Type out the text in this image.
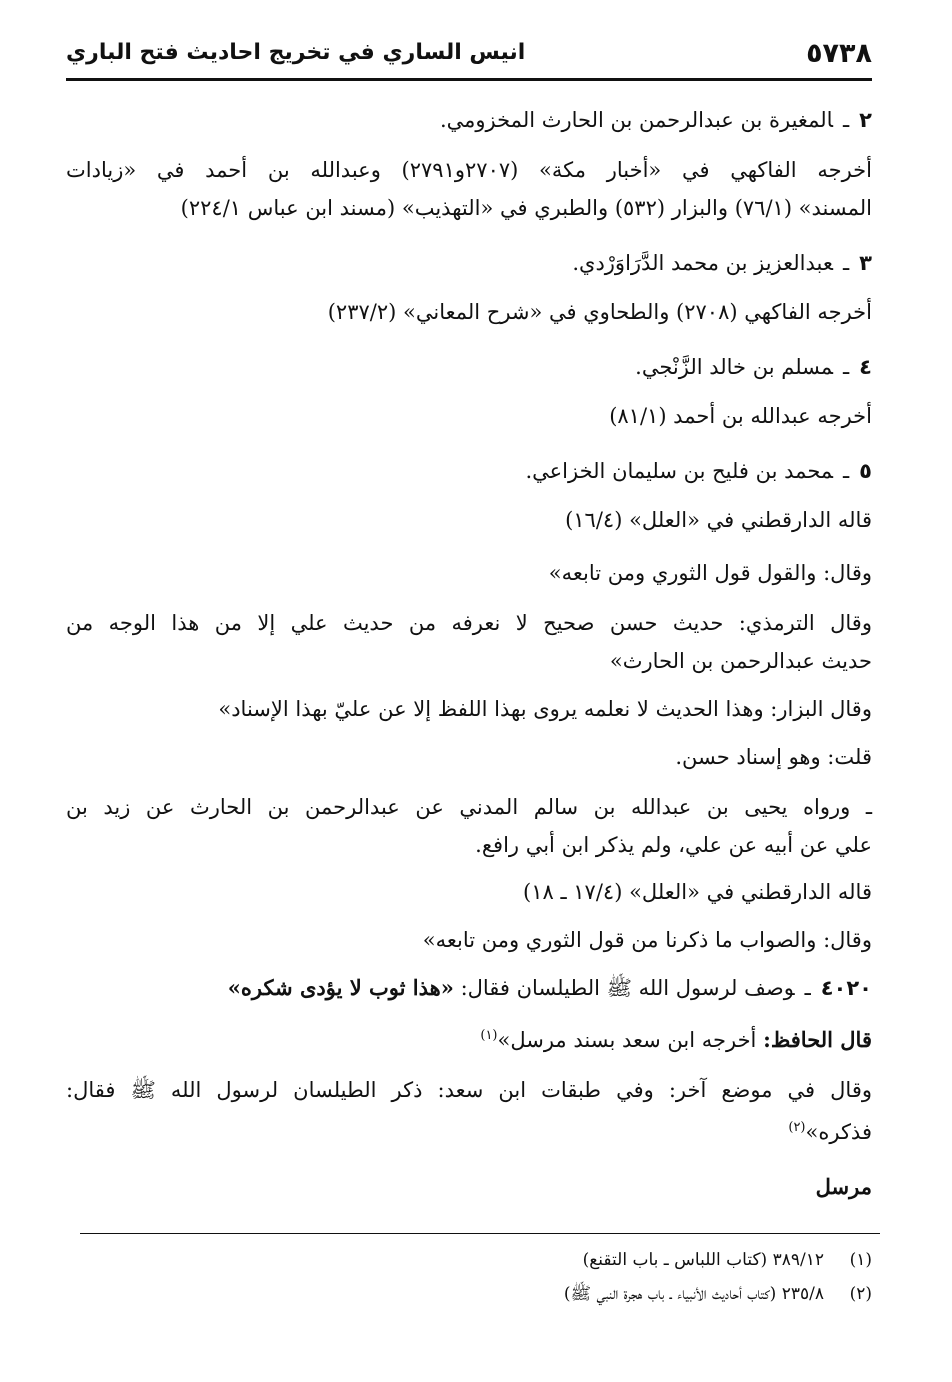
٥٧٣٨
انيس الساري في تخريج احاديث فتح الباري
٢ـالمغيرة بن عبدالرحمن بن الحارث المخزومي.
أخرجه الفاكهي في «أخبار مكة» (٢٧٠٧و٢٧٩١) وعبدالله بن أحمد في «زيادات
المسند» (٧٦/١) والبزار (٥٣٢) والطبري في «التهذيب» (مسند ابن عباس ٢٢٤/١)
٣ـعبدالعزيز بن محمد الدَّرَاوَرْدي.
أخرجه الفاكهي (٢٧٠٨) والطحاوي في «شرح المعاني» (٢٣٧/٢)
٤ـمسلم بن خالد الزَّنْجي.
أخرجه عبدالله بن أحمد (٨١/١)
٥ـمحمد بن فليح بن سليمان الخزاعي.
قاله الدارقطني في «العلل» (١٦/٤)
وقال: والقول قول الثوري ومن تابعه»
وقال الترمذي: حديث حسن صحيح لا نعرفه من حديث علي إلا من هذا الوجه من
حديث عبدالرحمن بن الحارث»
وقال البزار: وهذا الحديث لا نعلمه يروى بهذا اللفظ إلا عن عليّ بهذا الإسناد»
قلت: وهو إسناد حسن.
ـ ورواه يحيى بن عبدالله بن سالم المدني عن عبدالرحمن بن الحارث عن زيد بن
علي عن أبيه عن علي، ولم يذكر ابن أبي رافع.
قاله الدارقطني في «العلل» (١٧/٤ ـ ١٨)
وقال: والصواب ما ذكرنا من قول الثوري ومن تابعه»
٤٠٢٠ـوصف لرسول الله ﷺ الطيلسان فقال: «هذا ثوب لا يؤدى شكره»
قال الحافظ: أخرجه ابن سعد بسند مرسل»$^{(١)}$
وقال في موضع آخر: وفي طبقات ابن سعد: ذكر الطيلسان لرسول الله ﷺ فقال:
فذكره»$^{(٢)}$
مرسل
(١)٣٨٩/١٢ (كتاب اللباس ـ باب التقنع)
(٢)٢٣٥/٨ (كتاب أحاديث الأنبياء ـ باب هجرة النبي ﷺ)
